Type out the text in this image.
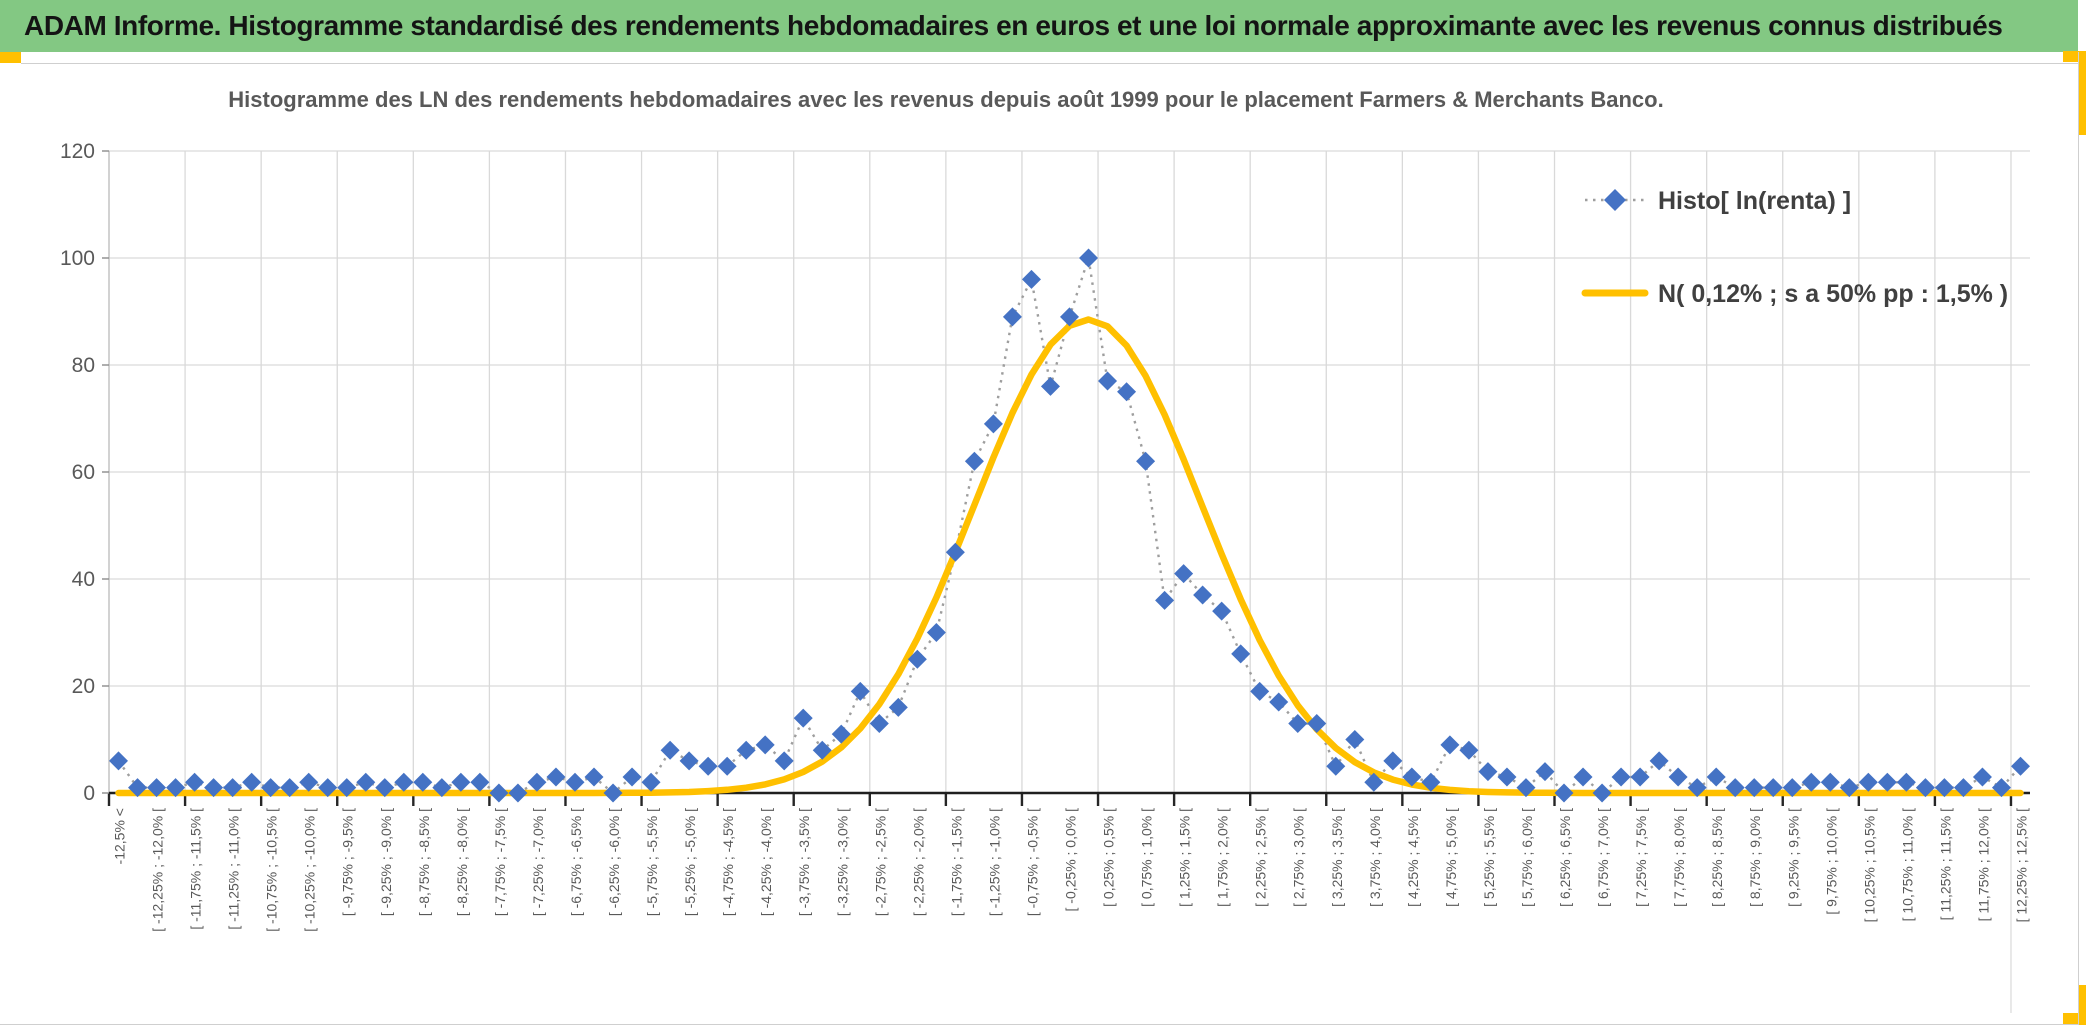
0
20
40
60
80
100
120
-12,5% < [ -12,25% ; -12,0% [ [ -11,75% ; -11,5% [ [ -11,25% ; -11,0% [ [ -10,75% ; -10,5% [ [ -10,25% ; -10,0% [ [ -9,75% ; -9,5% [ [ -9,25% ; -9,0% [ [ -8,75% ; -8,5% [ [ -8,25% ; -8,0% [ [ -7,75% ; -7,5% [ [ -7,25% ; -7,0% [ [ -6,75% ; -6,5% [ [ -6,25% ; -6,0% [ [ -5,75% ; -5,5% [ [ -5,25% ; -5,0% [ [ -4,75% ; -4,5% [ [ -4,25% ; -4,0% [ [ -3,75% ; -3,5% [ [ -3,25% ; -3,0% [ [ -2,75% ; -2,5% [ [ -2,25% ; -2,0% [ [ -1,75% ; -1,5% [ [ -1,25% ; -1,0% [ [ -0,75% ; -0,5% [ [ -0,25% ; 0,0% [ [ 0,25% ; 0,5% [ [ 0,75% ; 1,0% [ [ 1,25% ; 1,5% [ [ 1,75% ; 2,0% [ [ 2,25% ; 2,5% [ [ 2,75% ; 3,0% [ [ 3,25% ; 3,5% [ [ 3,75% ; 4,0% [ [ 4,25% ; 4,5% [ [ 4,75% ; 5,0% [ [ 5,25% ; 5,5% [ [ 5,75% ; 6,0% [ [ 6,25% ; 6,5% [ [ 6,75% ; 7,0% [ [ 7,25% ; 7,5% [ [ 7,75% ; 8,0% [ [ 8,25% ; 8,5% [ [ 8,75% ; 9,0% [ [ 9,25% ; 9,5% [ [ 9,75% ; 10,0% [ [ 10,25% ; 10,5% [ [ 10,75% ; 11,0% [ [ 11,25% ; 11,5% [ [ 11,75% ; 12,0% [ [ 12,25% ; 12,5% [
Histogramme des LN des rendements hebdomadaires avec les revenus depuis août 1999 pour le placement Farmers & Merchants Banco.
Histo[ ln(renta) ]
N( 0,12% ; s a 50% pp : 1,5% )
ADAM Informe. Histogramme standardisé des rendements hebdomadaires en euros et une loi normale approximante avec les revenus connus distribués
